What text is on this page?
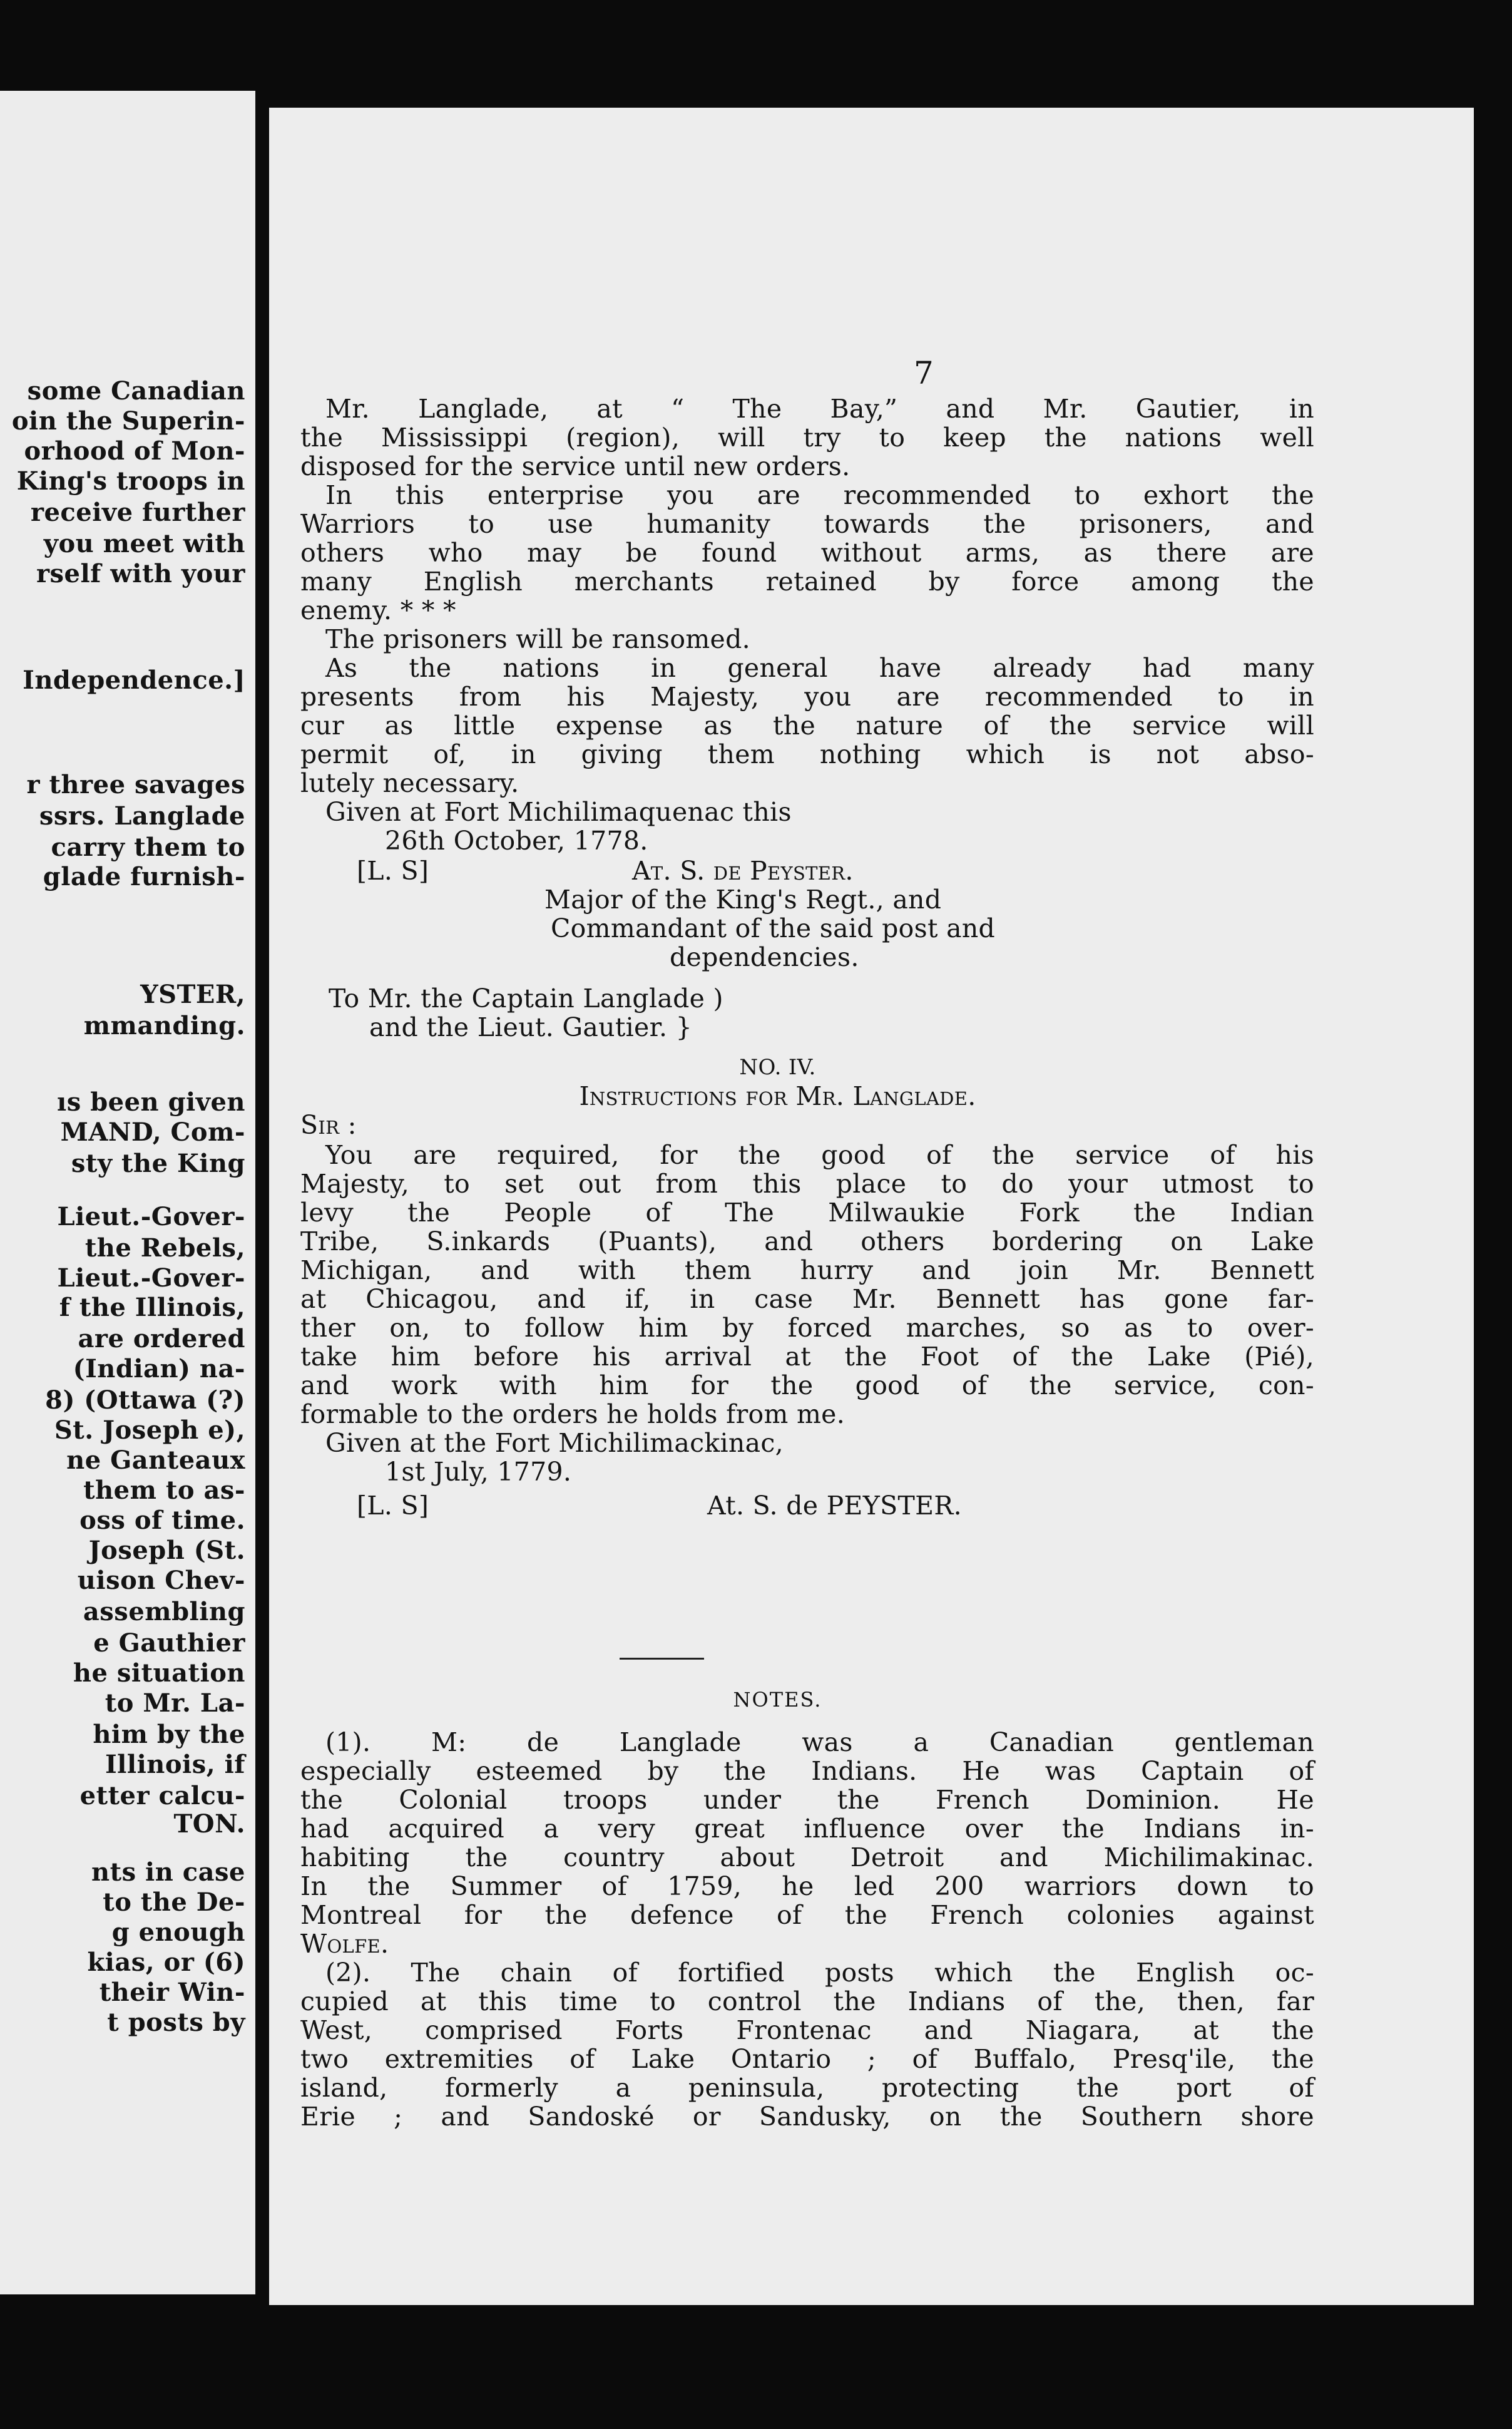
some Canadian
oin the Superin-
orhood of Mon-
King's troops in
receive further
you meet with
rself with your
Independence.]
r three savages
ssrs. Langlade
carry them to
glade furnish-
YSTER,
mmanding.
ıs been given
MAND, Com-
sty the King
Lieut.-Gover-
the Rebels,
Lieut.-Gover-
f the Illinois,
are ordered
(Indian) na-
8) (Ottawa (?)
St. Joseph e),
ne Ganteaux
them to as-
oss of time.
Joseph (St.
uison Chev-
assembling
e Gauthier
he situation
to Mr. La-
him by the
Illinois, if
etter calcu-
TON.
nts in case
to the De-
g enough
kias, or (6)
their Win-
t posts by
7
Mr. Langlade, at “ The Bay,” and Mr. Gautier, in
the Mississippi (region), will try to keep the nations well
disposed for the service until new orders.
In this enterprise you are recommended to exhort the
Warriors to use humanity towards the prisoners, and
others who may be found without arms, as there are
many English merchants retained by force among the
enemy. * * *
The prisoners will be ransomed.
As the nations in general have already had many
presents from his Majesty, you are recommended to in
cur as little expense as the nature of the service will
permit of, in giving them nothing which is not abso-
lutely necessary.
Given at Fort Michilimaquenac this
26th October, 1778.
[L. S]	At. S. de Peyster.
Major of the King's Regt., and
Commandant of the said post and
dependencies.
To Mr. the Captain Langlade )
and the Lieut. Gautier. }
NO. IV.
Instructions for Mr. Langlade.
Sir :
You are required, for the good of the service of his
Majesty, to set out from this place to do your utmost to
levy the People of The Milwaukie Fork the Indian
Tribe, S.inkards (Puants), and others bordering on Lake
Michigan, and with them hurry and join Mr. Bennett
at Chicagou, and if, in case Mr. Bennett has gone far-
ther on, to follow him by forced marches, so as to over-
take him before his arrival at the Foot of the Lake (Pié),
and work with him for the good of the service, con-
formable to the orders he holds from me.
Given at the Fort Michilimackinac,
1st July, 1779.
[L. S]	At. S. de PEYSTER.
NOTES.
(1). M: de Langlade was a Canadian gentleman
especially esteemed by the Indians. He was Captain of
the Colonial troops under the French Dominion. He
had acquired a very great influence over the Indians in-
habiting the country about Detroit and Michilimakinac.
In the Summer of 1759, he led 200 warriors down to
Montreal for the defence of the French colonies against
Wolfe.
(2). The chain of fortified posts which the English oc-
cupied at this time to control the Indians of the, then, far
West, comprised Forts Frontenac and Niagara, at the
two extremities of Lake Ontario ; of Buffalo, Presq'ile, the
island, formerly a peninsula, protecting the port of
Erie ; and Sandoské or Sandusky, on the Southern shore
